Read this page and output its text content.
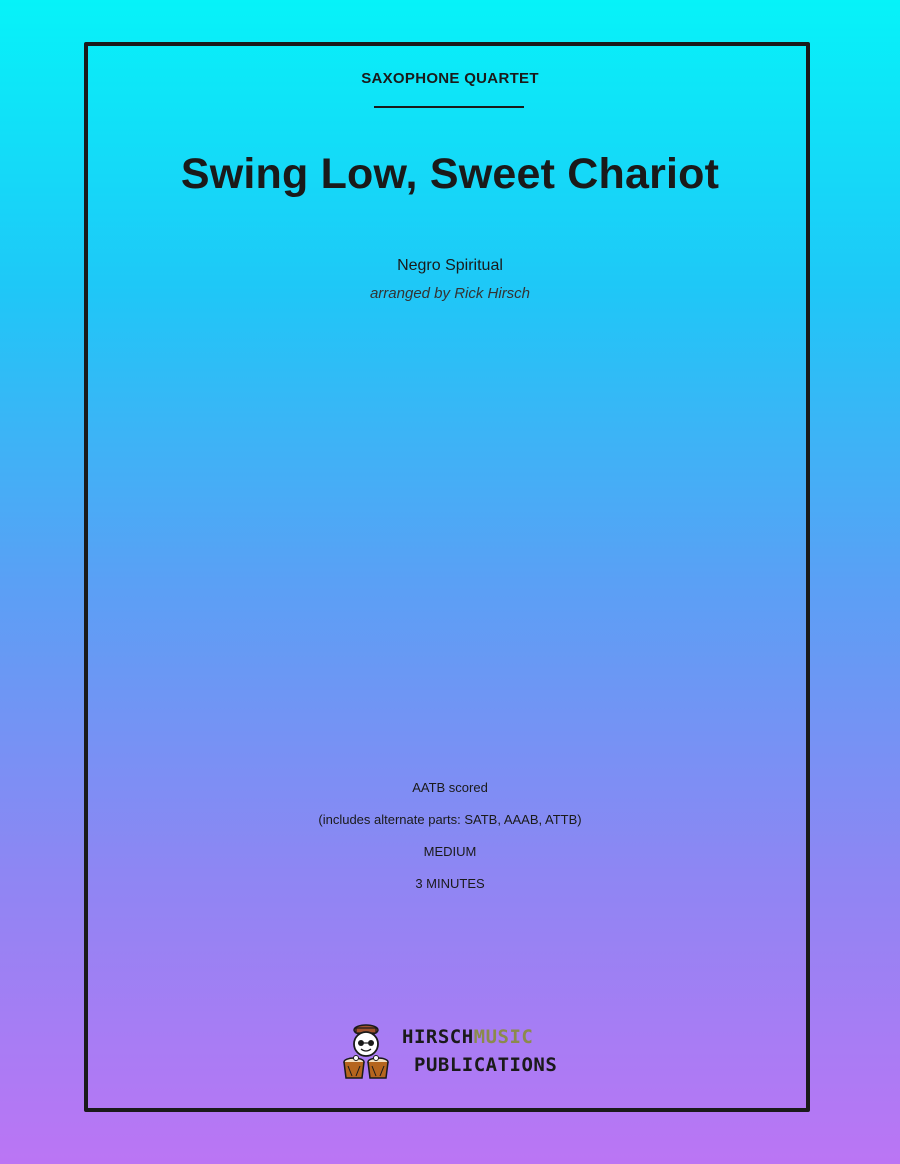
SAXOPHONE QUARTET
Swing Low, Sweet Chariot
Negro Spiritual
arranged by Rick Hirsch
AATB scored
(includes alternate parts: SATB, AAAB, ATTB)
MEDIUM
3 MINUTES
HIRSCHMUSIC
PUBLICATIONS
